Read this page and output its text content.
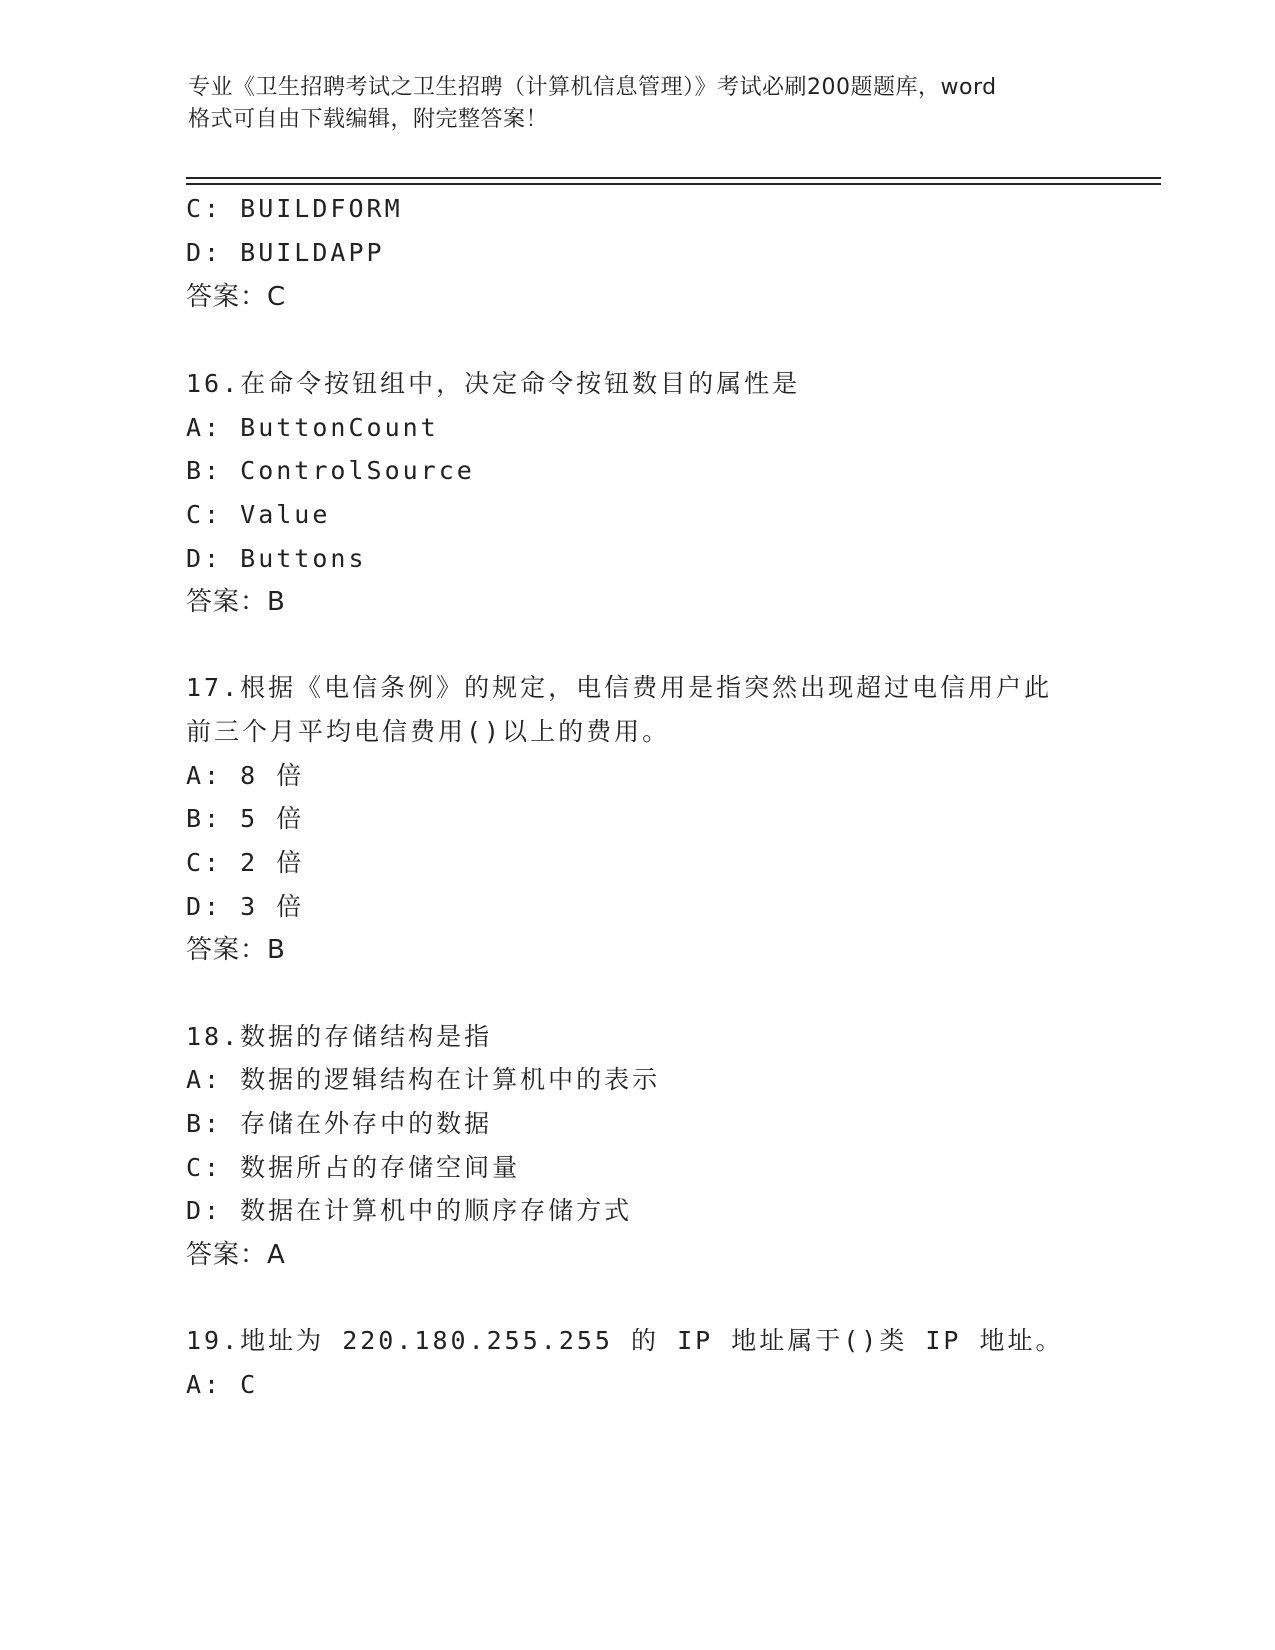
专业《卫生招聘考试之卫生招聘（计算机信息管理）》考试必刷200题题库，word
格式可自由下载编辑，附完整答案！
C: BUILDFORM
D: BUILDAPP
答案：C
16.在命令按钮组中，决定命令按钮数目的属性是
A: ButtonCount
B: ControlSource
C: Value
D: Buttons
答案：B
17.根据《电信条例》的规定，电信费用是指突然出现超过电信用户此
前三个月平均电信费用()以上的费用。
A: 8 倍
B: 5 倍
C: 2 倍
D: 3 倍
答案：B
18.数据的存储结构是指
A: 数据的逻辑结构在计算机中的表示
B: 存储在外存中的数据
C: 数据所占的存储空间量
D: 数据在计算机中的顺序存储方式
答案：A
19.地址为 220.180.255.255 的 IP 地址属于()类 IP 地址。
A: C
